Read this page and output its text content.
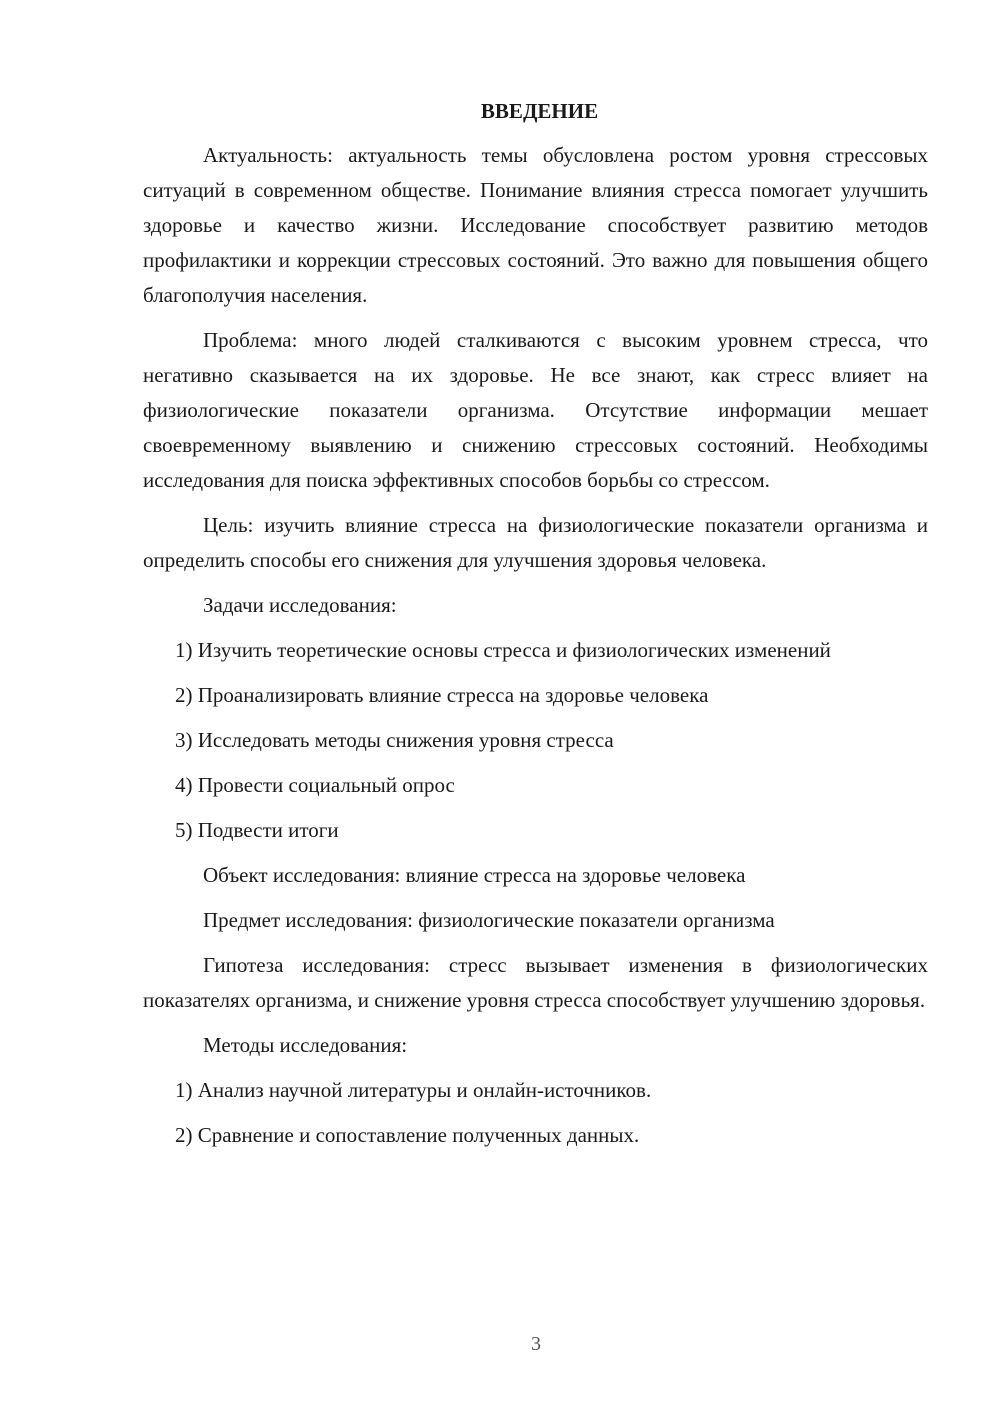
ВВЕДЕНИЕ

Актуальность: актуальность темы обусловлена ростом уровня стрессовых ситуаций в современном обществе. Понимание влияния стресса помогает улучшить здоровье и качество жизни. Исследование способствует развитию методов профилактики и коррекции стрессовых состояний. Это важно для повышения общего благополучия населения.

Проблема: много людей сталкиваются с высоким уровнем стресса, что негативно сказывается на их здоровье. Не все знают, как стресс влияет на физиологические показатели организма. Отсутствие информации мешает своевременному выявлению и снижению стрессовых состояний. Необходимы исследования для поиска эффективных способов борьбы со стрессом.

Цель: изучить влияние стресса на физиологические показатели организма и определить способы его снижения для улучшения здоровья человека.

Задачи исследования:

1) Изучить теоретические основы стресса и физиологических изменений

2) Проанализировать влияние стресса на здоровье человека

3) Исследовать методы снижения уровня стресса

4) Провести социальный опрос

5) Подвести итоги

Объект исследования: влияние стресса на здоровье человека

Предмет исследования: физиологические показатели организма

Гипотеза исследования: стресс вызывает изменения в физиологических показателях организма, и снижение уровня стресса способствует улучшению здоровья.

Методы исследования:

1) Анализ научной литературы и онлайн-источников.

2) Сравнение и сопоставление полученных данных.

3
